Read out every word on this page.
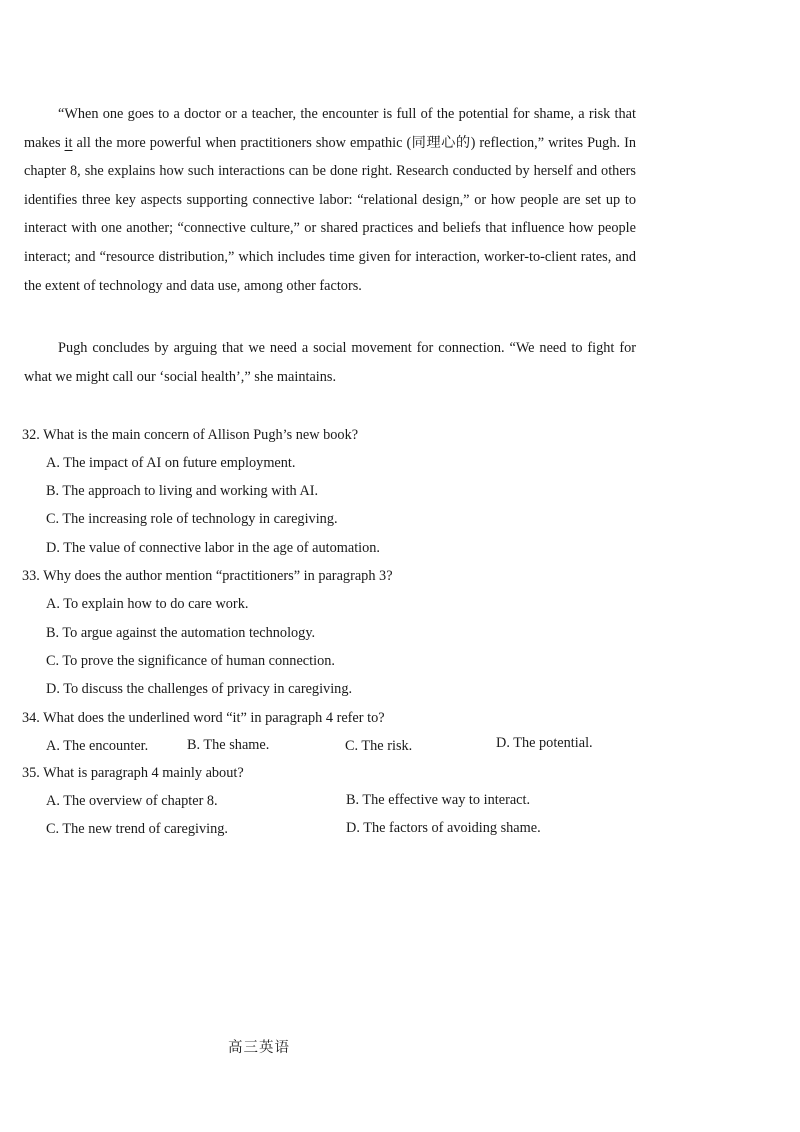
“When one goes to a doctor or a teacher, the encounter is full of the potential for shame, a risk that makes it all the more powerful when practitioners show empathic (同理心的) reflection,” writes Pugh. In chapter 8, she explains how such interactions can be done right. Research conducted by herself and others identifies three key aspects supporting connective labor: “relational design,” or how people are set up to interact with one another; “connective culture,” or shared practices and beliefs that influence how people interact; and “resource distribution,” which includes time given for interaction, worker-to-client rates, and the extent of technology and data use, among other factors.

Pugh concludes by arguing that we need a social movement for connection. “We need to fight for what we might call our ‘social health’,” she maintains.

32. What is the main concern of Allison Pugh’s new book?
A. The impact of AI on future employment.
B. The approach to living and working with AI.
C. The increasing role of technology in caregiving.
D. The value of connective labor in the age of automation.
33. Why does the author mention “practitioners” in paragraph 3?
A. To explain how to do care work.
B. To argue against the automation technology.
C. To prove the significance of human connection.
D. To discuss the challenges of privacy in caregiving.
34. What does the underlined word “it” in paragraph 4 refer to?
A. The encounter.	B. The shame.	C. The risk.	D. The potential.
35. What is paragraph 4 mainly about?
A. The overview of chapter 8.	B. The effective way to interact.
C. The new trend of caregiving.	D. The factors of avoiding shame.
高三英语
